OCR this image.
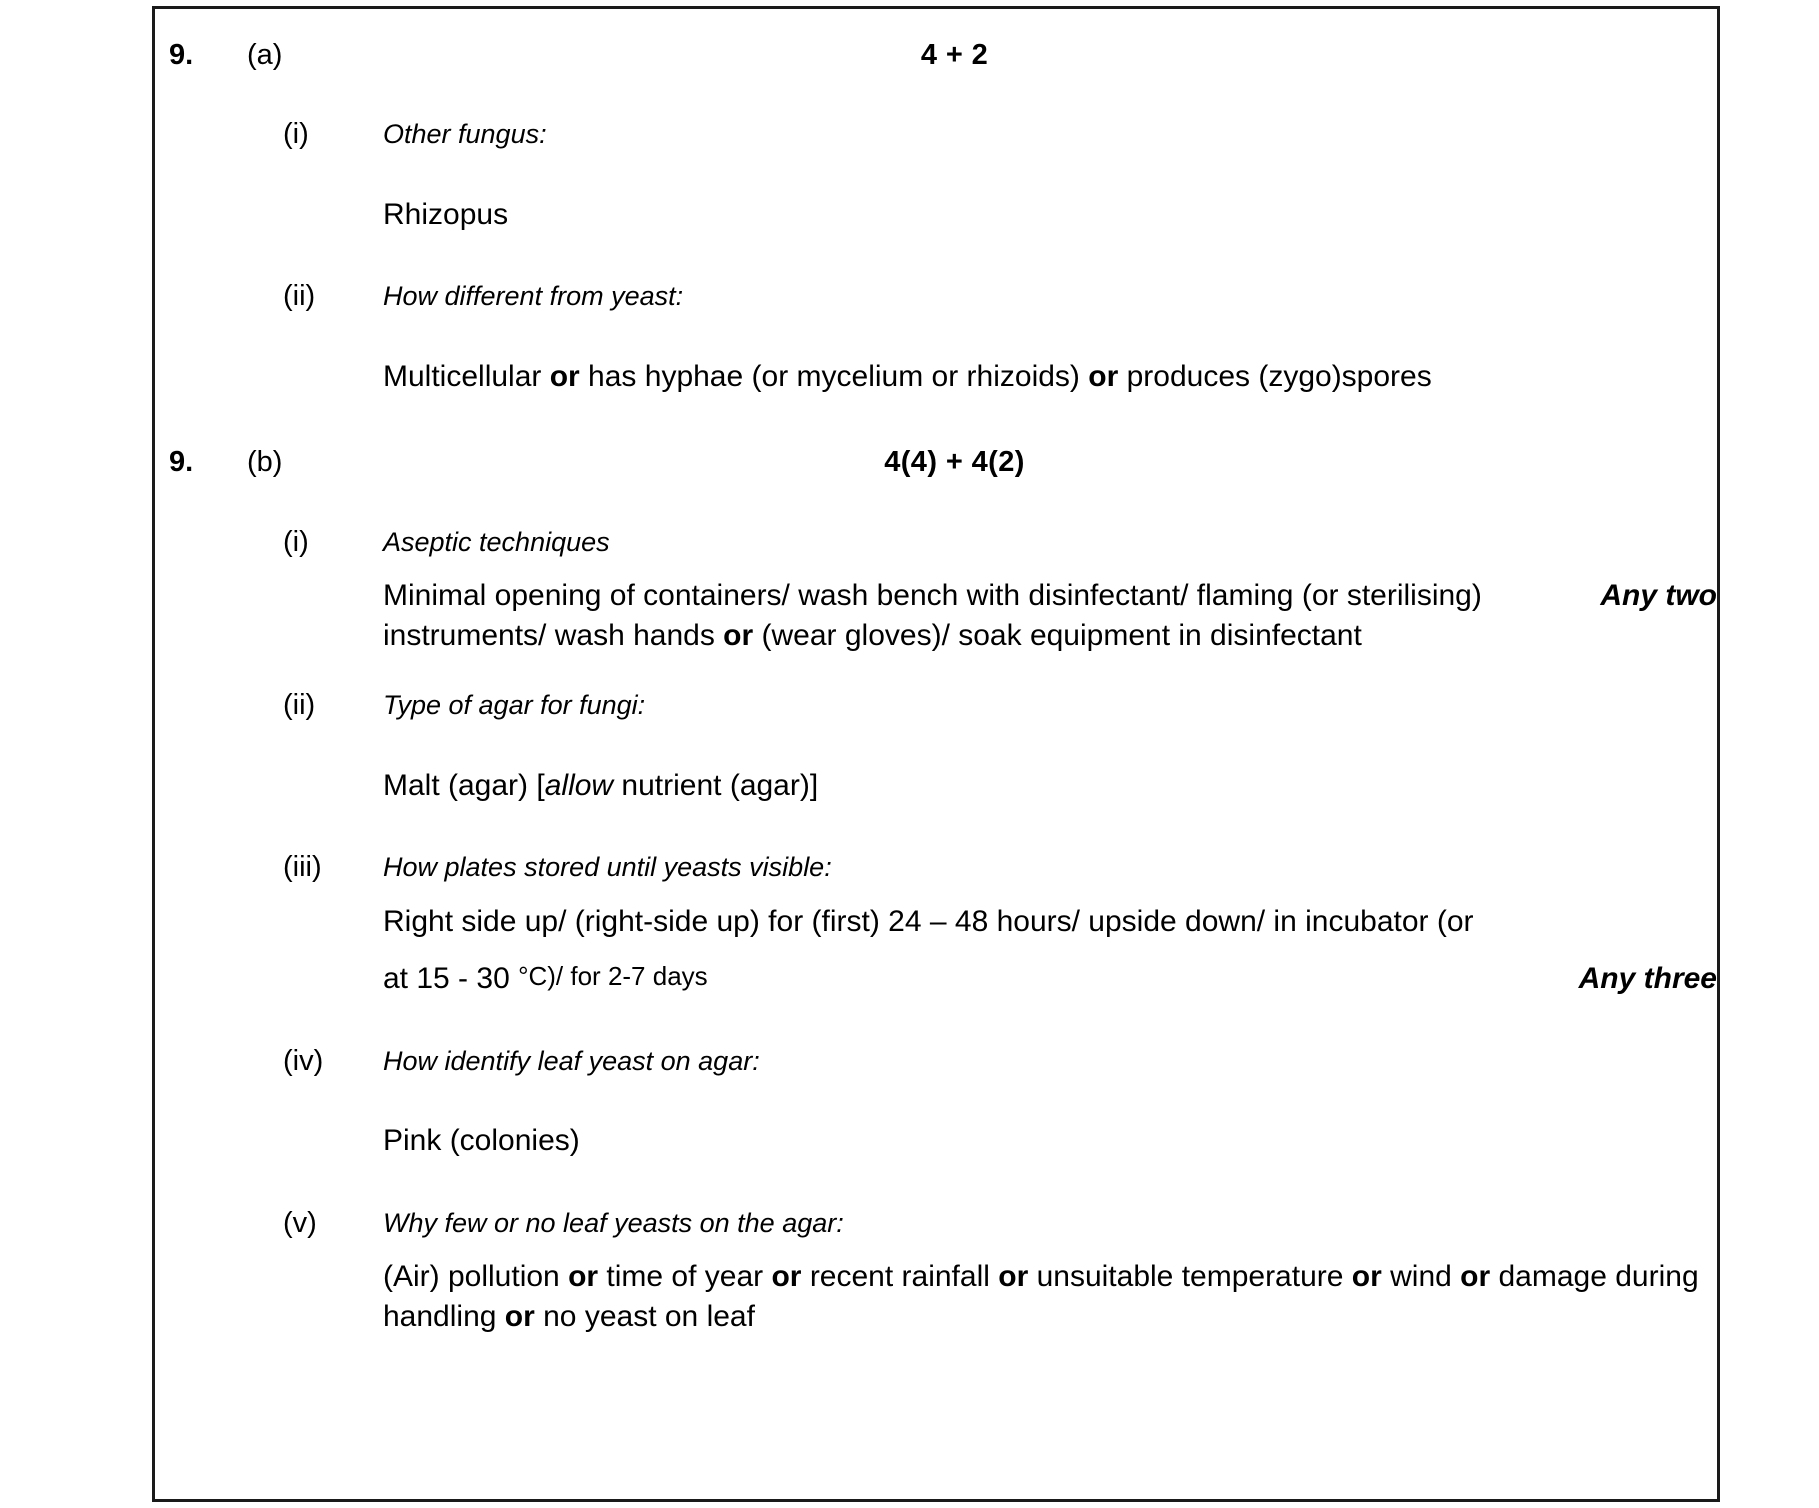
9.	(a)	4 + 2
(i)	Other fungus:
Rhizopus
(ii)	How different from yeast:
Multicellular or has hyphae (or mycelium or rhizoids) or produces (zygo)spores
9.	(b)	4(4) + 4(2)
(i)	Aseptic techniques
Any two
Minimal opening of containers/ wash bench with disinfectant/ flaming (or sterilising) instruments/ wash hands or (wear gloves)/ soak equipment in disinfectant
(ii)	Type of agar for fungi:
Malt (agar) [allow nutrient (agar)]
(iii)	How plates stored until yeasts visible:
Right side up/ (right-side up) for (first) 24 – 48 hours/ upside down/ in incubator (or
Any three
at 15 - 30 °C)/ for 2-7 days
(iv)	How identify leaf yeast on agar:
Pink (colonies)
(v)	Why few or no leaf yeasts on the agar:
(Air) pollution or time of year or recent rainfall or unsuitable temperature or wind or damage during handling or no yeast on leaf
